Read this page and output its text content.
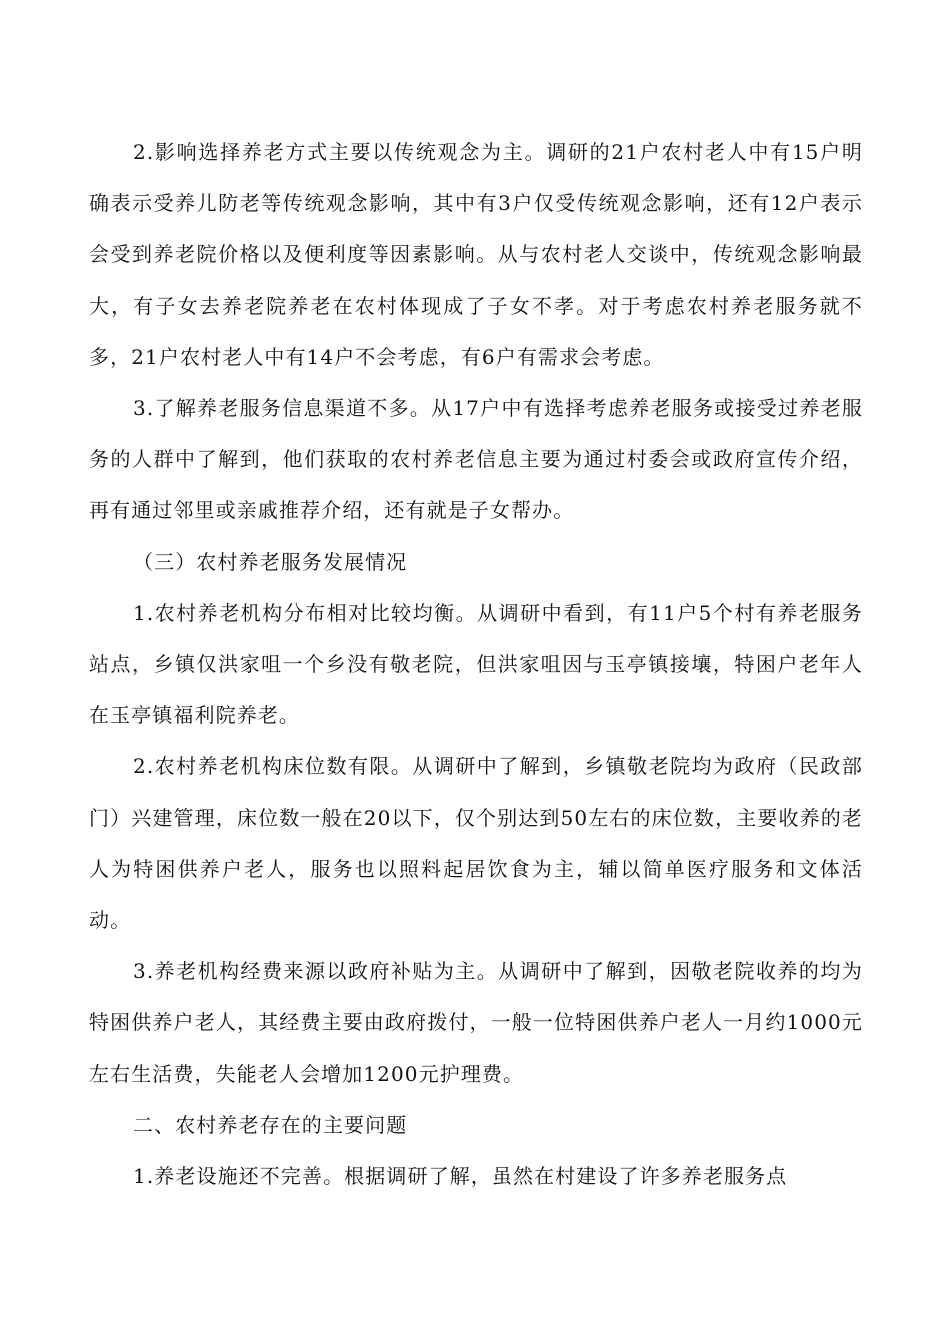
2.影响选择养老方式主要以传统观念为主。调研的21户农村老人中有15户明确表示受养儿防老等传统观念影响，其中有3户仅受传统观念影响，还有12户表示会受到养老院价格以及便利度等因素影响。从与农村老人交谈中，传统观念影响最大，有子女去养老院养老在农村体现成了子女不孝。对于考虑农村养老服务就不多，21户农村老人中有14户不会考虑，有6户有需求会考虑。

3.了解养老服务信息渠道不多。从17户中有选择考虑养老服务或接受过养老服务的人群中了解到，他们获取的农村养老信息主要为通过村委会或政府宣传介绍，再有通过邻里或亲戚推荐介绍，还有就是子女帮办。

（三）农村养老服务发展情况

1.农村养老机构分布相对比较均衡。从调研中看到，有11户5个村有养老服务站点，乡镇仅洪家咀一个乡没有敬老院，但洪家咀因与玉亭镇接壤，特困户老年人在玉亭镇福利院养老。

2.农村养老机构床位数有限。从调研中了解到，乡镇敬老院均为政府（民政部门）兴建管理，床位数一般在20以下，仅个别达到50左右的床位数，主要收养的老人为特困供养户老人，服务也以照料起居饮食为主，辅以简单医疗服务和文体活动。

3.养老机构经费来源以政府补贴为主。从调研中了解到，因敬老院收养的均为特困供养户老人，其经费主要由政府拨付，一般一位特困供养户老人一月约1000元左右生活费，失能老人会增加1200元护理费。

二、农村养老存在的主要问题

1.养老设施还不完善。根据调研了解，虽然在村建设了许多养老服务点
